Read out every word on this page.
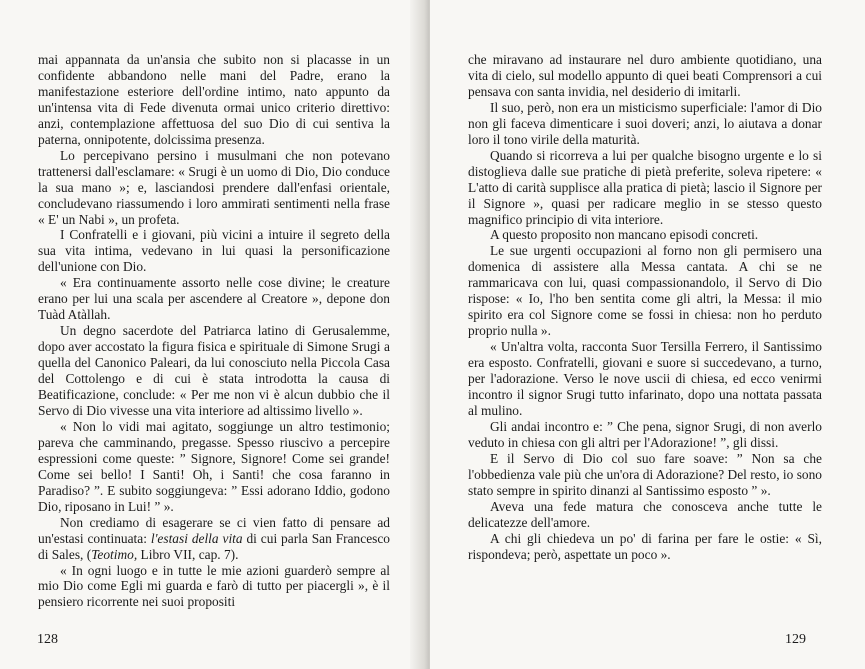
mai appannata da un'ansia che subito non si placasse in un confidente abbandono nelle mani del Padre, erano la manifestazione esteriore dell'ordine intimo, nato appunto da un'intensa vita di Fede divenuta ormai unico criterio direttivo: anzi, contemplazione affettuosa del suo Dio di cui sentiva la paterna, onnipotente, dolcissima presenza.

Lo percepivano persino i musulmani che non potevano trattenersi dall'esclamare: « Srugi è un uomo di Dio, Dio conduce la sua mano »; e, lasciandosi prendere dall'enfasi orientale, concludevano riassumendo i loro ammirati sentimenti nella frase « E' un Nabi », un profeta.

I Confratelli e i giovani, più vicini a intuire il segreto della sua vita intima, vedevano in lui quasi la personificazione dell'unione con Dio.

« Era continuamente assorto nelle cose divine; le creature erano per lui una scala per ascendere al Creatore », depone don Tuàd Atàllah.

Un degno sacerdote del Patriarca latino di Gerusalemme, dopo aver accostato la figura fisica e spirituale di Simone Srugi a quella del Canonico Paleari, da lui conosciuto nella Piccola Casa del Cottolengo e di cui è stata introdotta la causa di Beatificazione, conclude: « Per me non vi è alcun dubbio che il Servo di Dio vivesse una vita interiore ad altissimo livello ».

« Non lo vidi mai agitato, soggiunge un altro testimonio; pareva che camminando, pregasse. Spesso riuscivo a percepire espressioni come queste: ” Signore, Signore! Come sei grande! Come sei bello! I Santi! Oh, i Santi! che cosa faranno in Paradiso? ”. E subito soggiungeva: ” Essi adorano Iddio, godono Dio, riposano in Lui! ” ».

Non crediamo di esagerare se ci vien fatto di pensare ad un'estasi continuata: l'estasi della vita di cui parla San Francesco di Sales, (Teotimo, Libro VII, cap. 7).

« In ogni luogo e in tutte le mie azioni guarderò sempre al mio Dio come Egli mi guarda e farò di tutto per piacergli », è il pensiero ricorrente nei suoi propositi

128

che miravano ad instaurare nel duro ambiente quotidiano, una vita di cielo, sul modello appunto di quei beati Comprensori a cui pensava con santa invidia, nel desiderio di imitarli.

Il suo, però, non era un misticismo superficiale: l'amor di Dio non gli faceva dimenticare i suoi doveri; anzi, lo aiutava a donar loro il tono virile della maturità.

Quando si ricorreva a lui per qualche bisogno urgente e lo si distoglieva dalle sue pratiche di pietà preferite, soleva ripetere: « L'atto di carità supplisce alla pratica di pietà; lascio il Signore per il Signore », quasi per radicare meglio in se stesso questo magnifico principio di vita interiore.

A questo proposito non mancano episodi concreti.

Le sue urgenti occupazioni al forno non gli permisero una domenica di assistere alla Messa cantata. A chi se ne rammaricava con lui, quasi compassionandolo, il Servo di Dio rispose: « Io, l'ho ben sentita come gli altri, la Messa: il mio spirito era col Signore come se fossi in chiesa: non ho perduto proprio nulla ».

« Un'altra volta, racconta Suor Tersilla Ferrero, il Santissimo era esposto. Confratelli, giovani e suore si succedevano, a turno, per l'adorazione. Verso le nove uscii di chiesa, ed ecco venirmi incontro il signor Srugi tutto infarinato, dopo una nottata passata al mulino.

Gli andai incontro e: ” Che pena, signor Srugi, di non averlo veduto in chiesa con gli altri per l'Adorazione! ”, gli dissi.

E il Servo di Dio col suo fare soave: ” Non sa che l'obbedienza vale più che un'ora di Adorazione? Del resto, io sono stato sempre in spirito dinanzi al Santissimo esposto ” ».

Aveva una fede matura che conosceva anche tutte le delicatezze dell'amore.

A chi gli chiedeva un po' di farina per fare le ostie: « Sì, rispondeva; però, aspettate un poco ».

129
